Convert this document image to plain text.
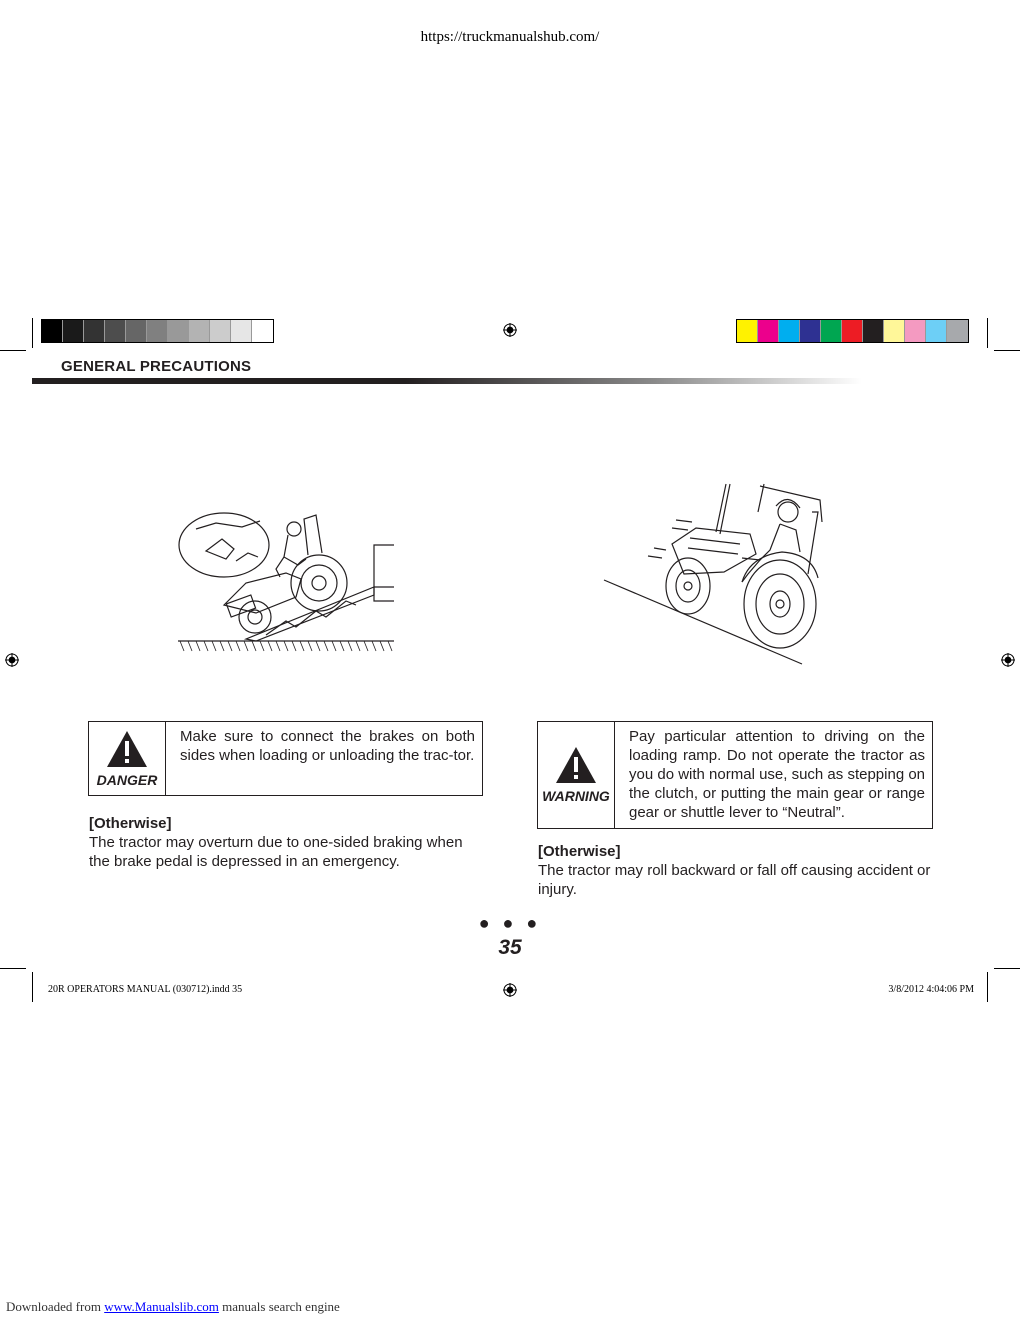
https://truckmanualshub.com/
GENERAL PRECAUTIONS
DANGER
Make sure to connect the brakes on both sides when loading or unloading the trac-tor.
[Otherwise]
The tractor may overturn due to one-sided braking when the brake pedal is depressed in an emergency.
WARNING
Pay particular attention to driving on the loading ramp. Do not operate the tractor as you do with normal use, such as stepping on the clutch, or putting the main gear or range gear or shuttle lever to “Neutral”.
[Otherwise]
The tractor may roll backward or fall off causing accident or injury.
● ● ●
35
20R OPERATORS MANUAL (030712).indd 35	3/8/2012 4:04:06 PM
Downloaded from www.Manualslib.com manuals search engine
